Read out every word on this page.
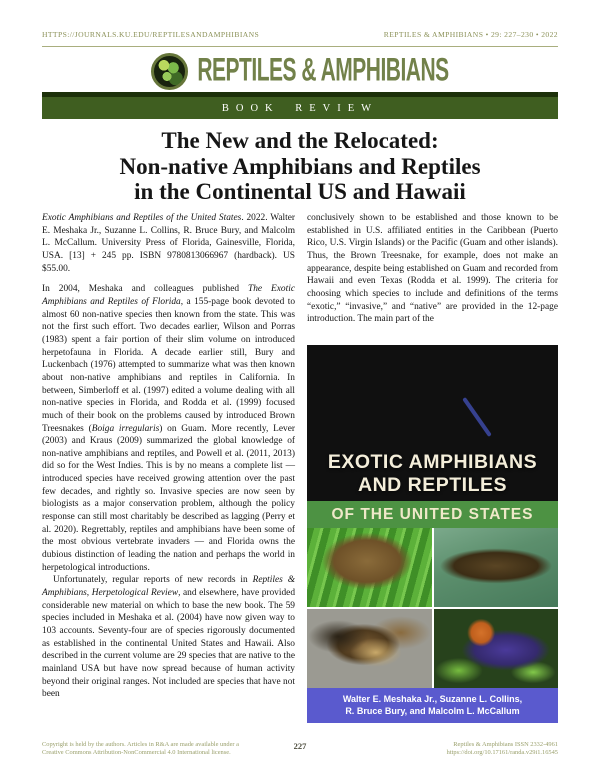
HTTPS://JOURNALS.KU.EDU/REPTILESANDAMPHIBIANS	REPTILES & AMPHIBIANS • 29: 227–230 • 2022
REPTILES & AMPHIBIANS
BOOK REVIEW
The New and the Relocated:
Non-native Amphibians and Reptiles
in the Continental US and Hawaii

Exotic Amphibians and Reptiles of the United States. 2022. Walter E. Meshaka Jr., Suzanne L. Collins, R. Bruce Bury, and Malcolm L. McCallum. University Press of Florida, Gainesville, Florida, USA. [13] + 245 pp. ISBN 9780813066967 (hardback). US $55.00.

In 2004, Meshaka and colleagues published The Exotic Amphibians and Reptiles of Florida, a 155-page book devoted to almost 60 non-native species then known from the state. This was not the first such effort. Two decades earlier, Wilson and Porras (1983) spent a fair portion of their slim volume on introduced herpetofauna in Florida. A decade earlier still, Bury and Luckenbach (1976) attempted to summarize what was then known about non-native amphibians and reptiles in California. In between, Simberloff et al. (1997) edited a volume dealing with all non-native species in Florida, and Rodda et al. (1999) focused much of their book on the problems caused by introduced Brown Treesnakes (Boiga irregularis) on Guam. More recently, Lever (2003) and Kraus (2009) summarized the global knowledge of non-native amphibians and reptiles, and Powell et al. (2011, 2013) did so for the West Indies. This is by no means a complete list — introduced species have received growing attention over the past few decades, and rightly so. Invasive species are now seen by biologists as a major conservation problem, although the policy response can still most charitably be described as lagging (Perry et al. 2020). Regrettably, reptiles and amphibians have been some of the most obvious vertebrate invaders — and Florida owns the dubious distinction of leading the nation and perhaps the world in herpetological introductions.

Unfortunately, regular reports of new records in Reptiles & Amphibians, Herpetological Review, and elsewhere, have provided considerable new material on which to base the new book. The 59 species included in Meshaka et al. (2004) have now given way to 103 accounts. Seventy-four are of species rigorously documented as established in the continental United States and Hawaii. Also described in the current volume are 29 species that are native to the mainland USA but have now spread because of human activity beyond their original ranges. Not included are species that have not been

conclusively shown to be established and those known to be established in U.S. affiliated entities in the Caribbean (Puerto Rico, U.S. Virgin Islands) or the Pacific (Guam and other islands). Thus, the Brown Treesnake, for example, does not make an appearance, despite being established on Guam and recorded from Hawaii and even Texas (Rodda et al. 1999). The criteria for choosing which species to include and definitions of the terms “exotic,” “invasive,” and “native” are provided in the 12-page introduction. The main part of the

EXOTIC AMPHIBIANS
AND REPTILES
OF THE UNITED STATES
Walter E. Meshaka Jr., Suzanne L. Collins,
R. Bruce Bury, and Malcolm L. McCallum
Copyright is held by the authors. Articles in R&A are made available under a
Creative Commons Attribution-NonCommercial 4.0 International license.
227	Reptiles & Amphibians ISSN 2332-4961
https://doi.org/10.17161/randa.v29i1.16545
